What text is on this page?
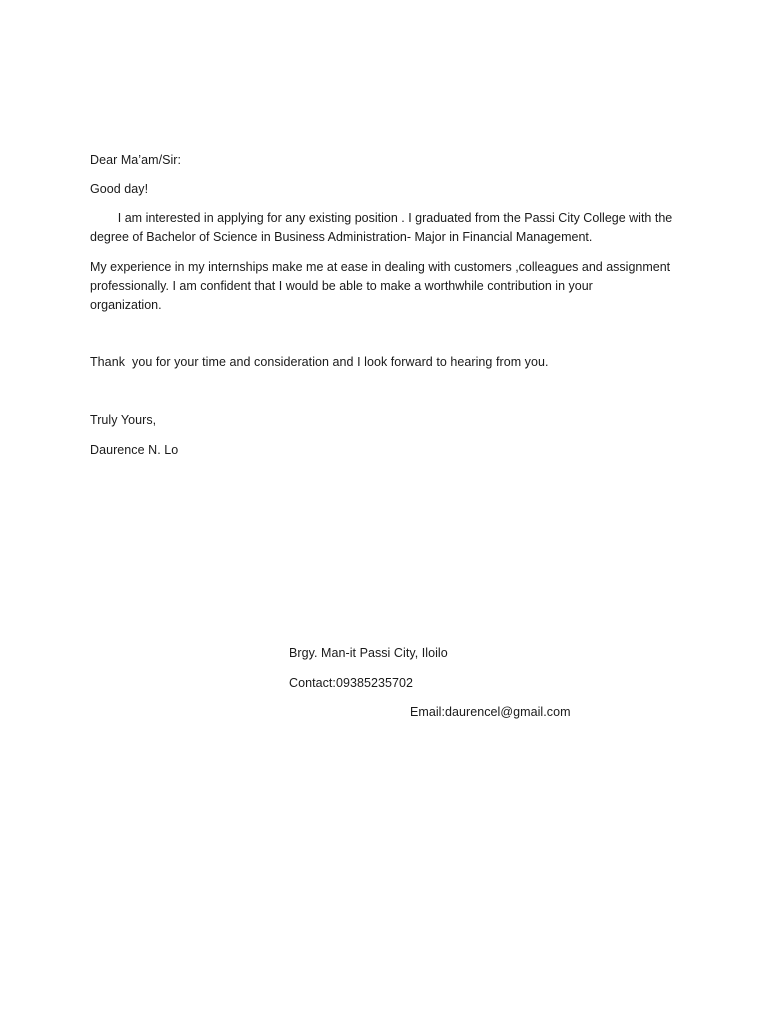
Dear Ma’am/Sir:
Good day!
I am interested in applying for any existing position . I graduated from the Passi City College with the
degree of Bachelor of Science in Business Administration- Major in Financial Management.
My experience in my internships make me at ease in dealing with customers ,colleagues and assignment
professionally. I am confident that I would be able to make a worthwhile contribution in your
organization.
Thank  you for your time and consideration and I look forward to hearing from you.
Truly Yours,
Daurence N. Lo
Brgy. Man-it Passi City, Iloilo
Contact:09385235702
Email:daurencel@gmail.com
